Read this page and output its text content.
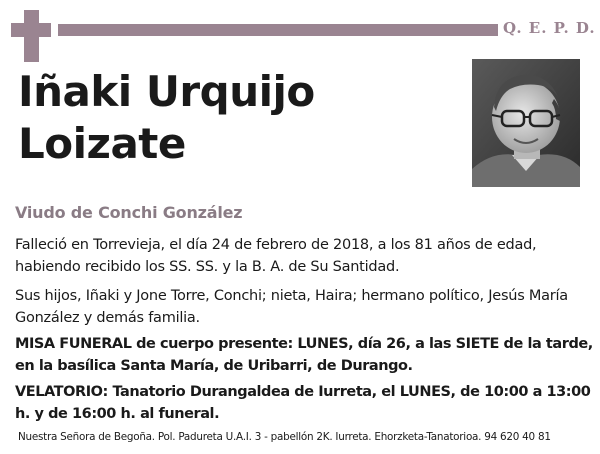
Q. E. P. D.
Iñaki Urquijo
Loizate
Viudo de Conchi González

Falleció en Torrevieja, el día 24 de febrero de 2018, a los 81 años de edad, habiendo recibido los SS. SS. y la B. A. de Su Santidad.

Sus hijos, Iñaki y Jone Torre, Conchi; nieta, Haira; hermano político, Jesús María González y demás familia.

MISA FUNERAL de cuerpo presente: LUNES, día 26, a las SIETE de la tarde, en la basílica Santa María, de Uribarri, de Durango.

VELATORIO: Tanatorio Durangaldea de Iurreta, el LUNES, de 10:00 a 13:00 h. y de 16:00 h. al funeral.

Nuestra Señora de Begoña. Pol. Padureta U.A.I. 3 - pabellón 2K. Iurreta. Ehorzketa-Tanatorioa. 94 620 40 81
